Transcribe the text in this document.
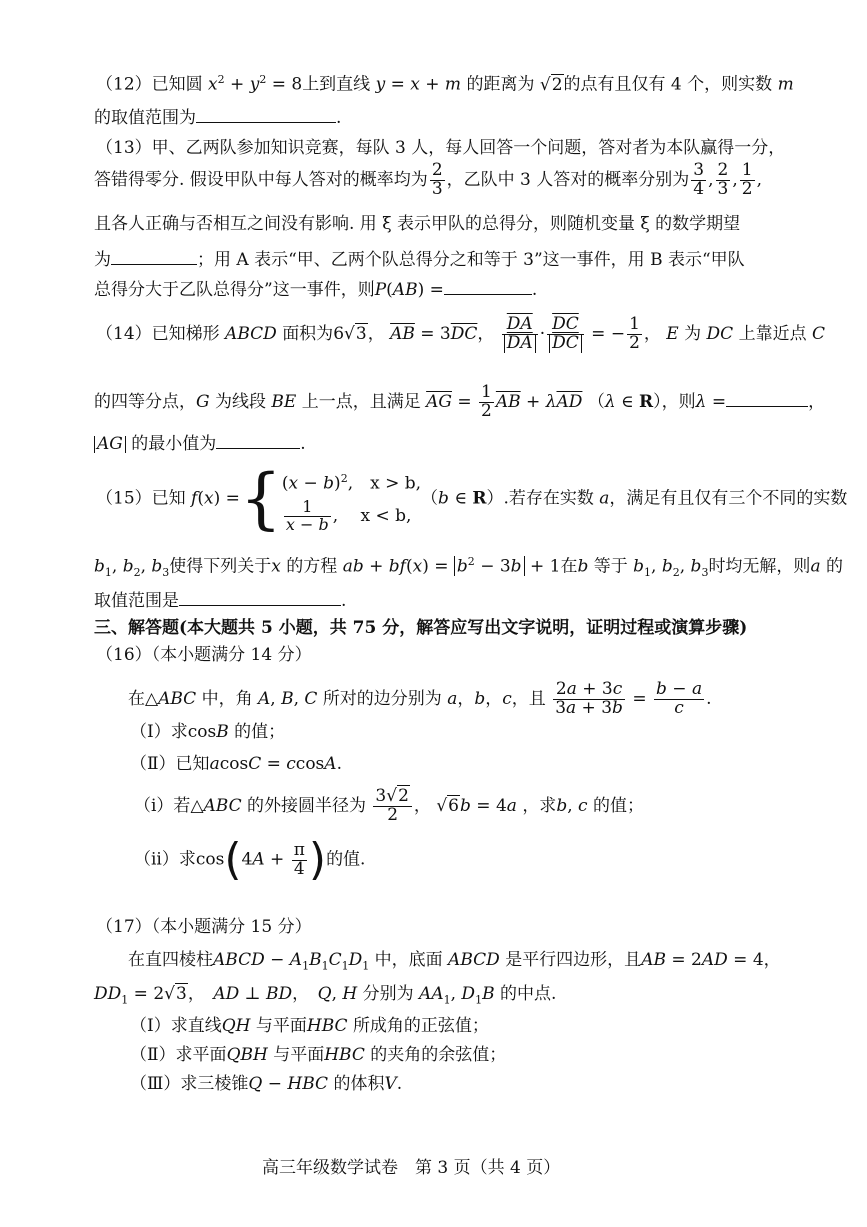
（12）已知圆 $x^2 + y^2 = 8$上到直线 y = x + m 的距离为 √2的点有且仅有 4 个，则实数 m
的取值范围为	.
（13）甲、乙两队参加知识竞赛，每队 3 人，每人回答一个问题，答对者为本队赢得一分，
答错得零分. 假设甲队中每人答对的概率均为 $\frac{2}{3}$ ，乙队中 3 人答对的概率分别为 $\frac{3}{4}$ , $\frac{2}{3}$ , $\frac{1}{2}$ ,
且各人正确与否相互之间没有影响. 用 ξ 表示甲队的总得分，则随机变量 ξ 的数学期望
为	；用 A 表示“甲、乙两个队总得分之和等于 3”这一事件，用 B 表示“甲队
总得分大于乙队总得分”这一事件，则P(AB) =	.
（14）已知梯形 ABCD 面积为6√3， $\overline{AB} = 3\overline{DC}$， $\frac{\overline{DA}}{DA} \cdot \frac{\overline{DC}}{DC}$ = − $\frac{1}{2}$ ， E 为 DC 上靠近点 C
的四等分点，G 为线段 BE 上一点，且满足 $\overline{AG} = \frac{1}{2} \overline{AB} + \lambda\overline{AD}$ （λ ∈ R），则λ =	，
AG 的最小值为	.
（15）已知 f(x) ={ $(x - b)^2$,　x > b,
$\frac{1}{x - b}$ ,　 x < b,
（b ∈ R）.若存在实数 a，满足有且仅有三个不同的实数
$b_1$, $b_2$, $b_3$使得下列关于x 的方程 ab + $bf(x) = b^2 - 3b + 1$在b 等于 $b_1$, $b_2$, $b_3$时均无解，则a 的
取值范围是	.
三、解答题(本大题共 5 小题，共 75 分，解答应写出文字说明，证明过程或演算步骤)
（16）（本小题满分 14 分）
在△ABC 中，角 A, B, C 所对的边分别为 a，b，c，且 $\frac{2a + 3c}{3a + 3b} = \frac{b - a}{c}$ .
（Ⅰ）求cosB 的值；
（Ⅱ）已知acosC = ccosA.
（i）若△ABC 的外接圆半径为 $\frac{3√2}{2}$ ， √6b = 4a ，求b, c 的值；
（ii）求$\cos(4A + \frac{\pi}{4}$ )的值.
（17）（本小题满分 15 分）
在直四棱柱ABCD − $A_1B_1C_1D_1$ 中，底面 ABCD 是平行四边形，且AB = 2AD = 4，
$DD_1 = 2√3$，　AD ⊥ BD，　Q, H 分别为 $AA_1$, $D_1B$ 的中点.
（Ⅰ）求直线QH 与平面HBC 所成角的正弦值；
（Ⅱ）求平面QBH 与平面HBC 的夹角的余弦值；
（Ⅲ）求三棱锥Q − HBC 的体积V.
高三年级数学试卷　第 3 页（共 4 页）
